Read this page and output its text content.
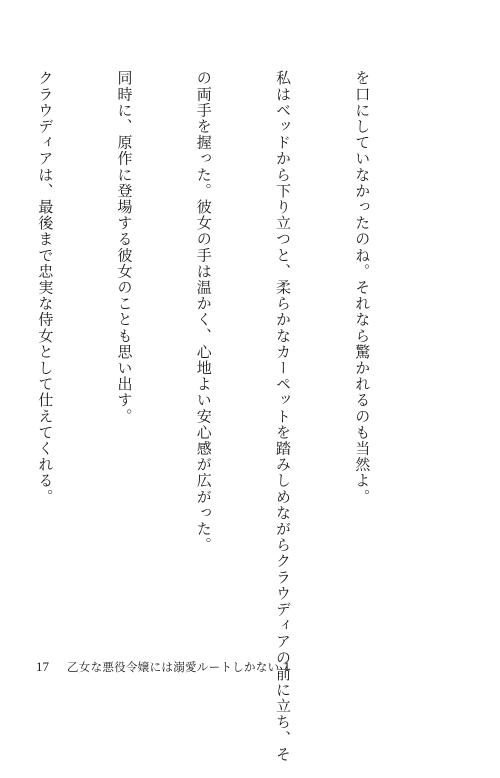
を口にしていなかったのね。それなら驚かれるのも当然よ。

私はベッドから下り立つと、柔らかなカーペットを踏みしめながらクラウディアの前に立ち、そ

の両手を握った。彼女の手は温かく、心地よい安心感が広がった。

同時に、原作に登場する彼女のことも思い出す。

クラウディアは、最後まで忠実な侍女として仕えてくれる。

17 乙女な悪役令嬢には溺愛ルートしかない 1
